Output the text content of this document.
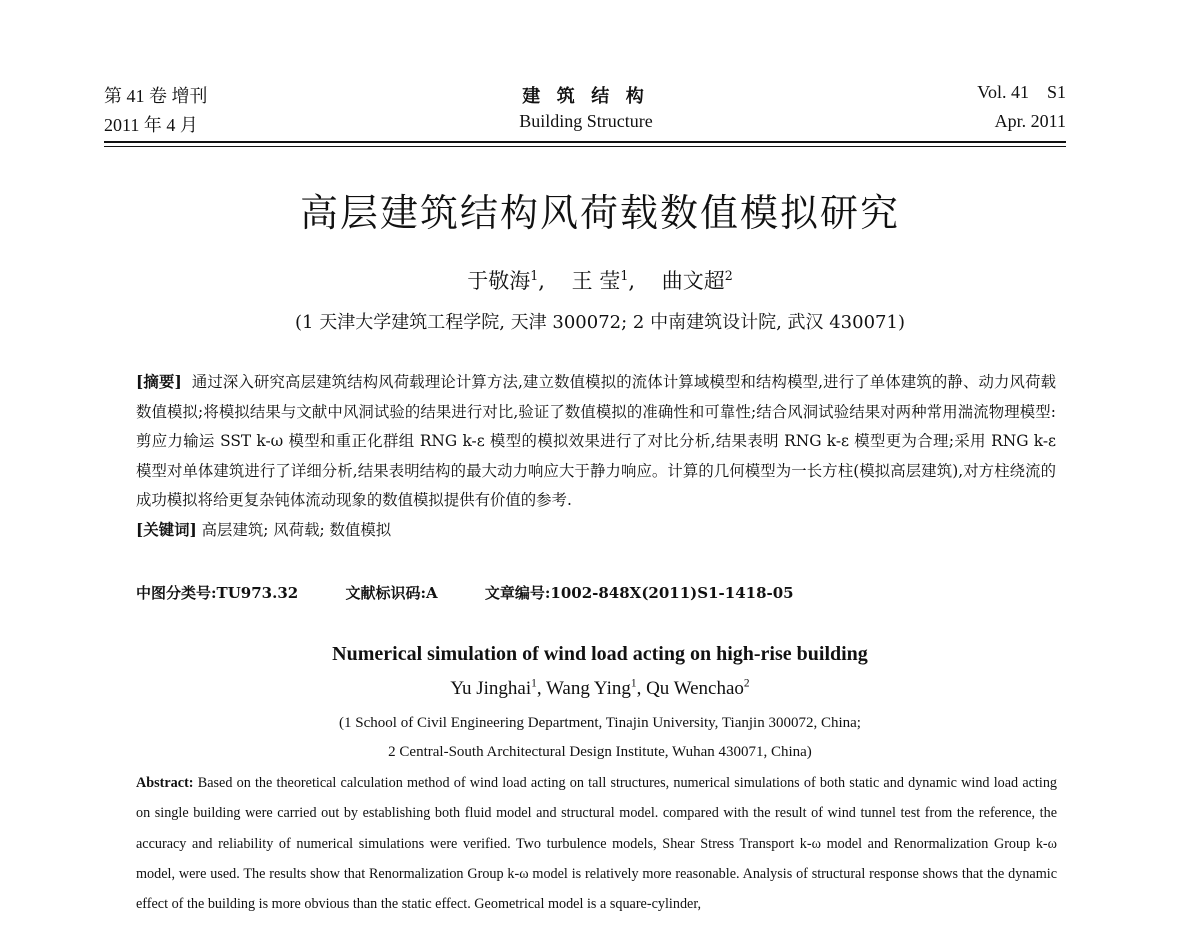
第 41 卷 增刊
2011 年 4 月
建 筑 结 构
Building Structure
Vol. 41    S1
Apr. 2011
高层建筑结构风荷载数值模拟研究
于敬海$^1$,    王 莹$^1$,    曲文超$^2$
(1 天津大学建筑工程学院, 天津 300072; 2 中南建筑设计院, 武汉 430071)

[摘要] 通过深入研究高层建筑结构风荷载理论计算方法,建立数值模拟的流体计算域模型和结构模型,进行了单体建筑的静、动力风荷载数值模拟;将模拟结果与文献中风洞试验的结果进行对比,验证了数值模拟的准确性和可靠性;结合风洞试验结果对两种常用湍流物理模型:剪应力输运 SST k-ω 模型和重正化群组 RNG k-ε 模型的模拟效果进行了对比分析,结果表明 RNG k-ε 模型更为合理;采用 RNG k-ε 模型对单体建筑进行了详细分析,结果表明结构的最大动力响应大于静力响应。计算的几何模型为一长方柱(模拟高层建筑),对方柱绕流的成功模拟将给更复杂钝体流动现象的数值模拟提供有价值的参考.

[关键词] 高层建筑; 风荷载; 数值模拟

中图分类号:TU973.32	文献标识码:A	文章编号:1002-848X(2011)S1-1418-05
Numerical simulation of wind load acting on high-rise building
Yu Jinghai$^1$, Wang Ying$^1$, Qu Wenchao$^2$
(1 School of Civil Engineering Department, Tinajin University, Tianjin 300072, China;
2 Central-South Architectural Design Institute, Wuhan 430071, China)
Abstract: Based on the theoretical calculation method of wind load acting on tall structures, numerical simulations of both static and dynamic wind load acting on single building were carried out by establishing both fluid model and structural model. compared with the result of wind tunnel test from the reference, the accuracy and reliability of numerical simulations were verified. Two turbulence models, Shear Stress Transport k-ω model and Renormalization Group k-ω model, were used. The results show that Renormalization Group k-ω model is relatively more reasonable. Analysis of structural response shows that the dynamic effect of the building is more obvious than the static effect. Geometrical model is a square-cylinder,
